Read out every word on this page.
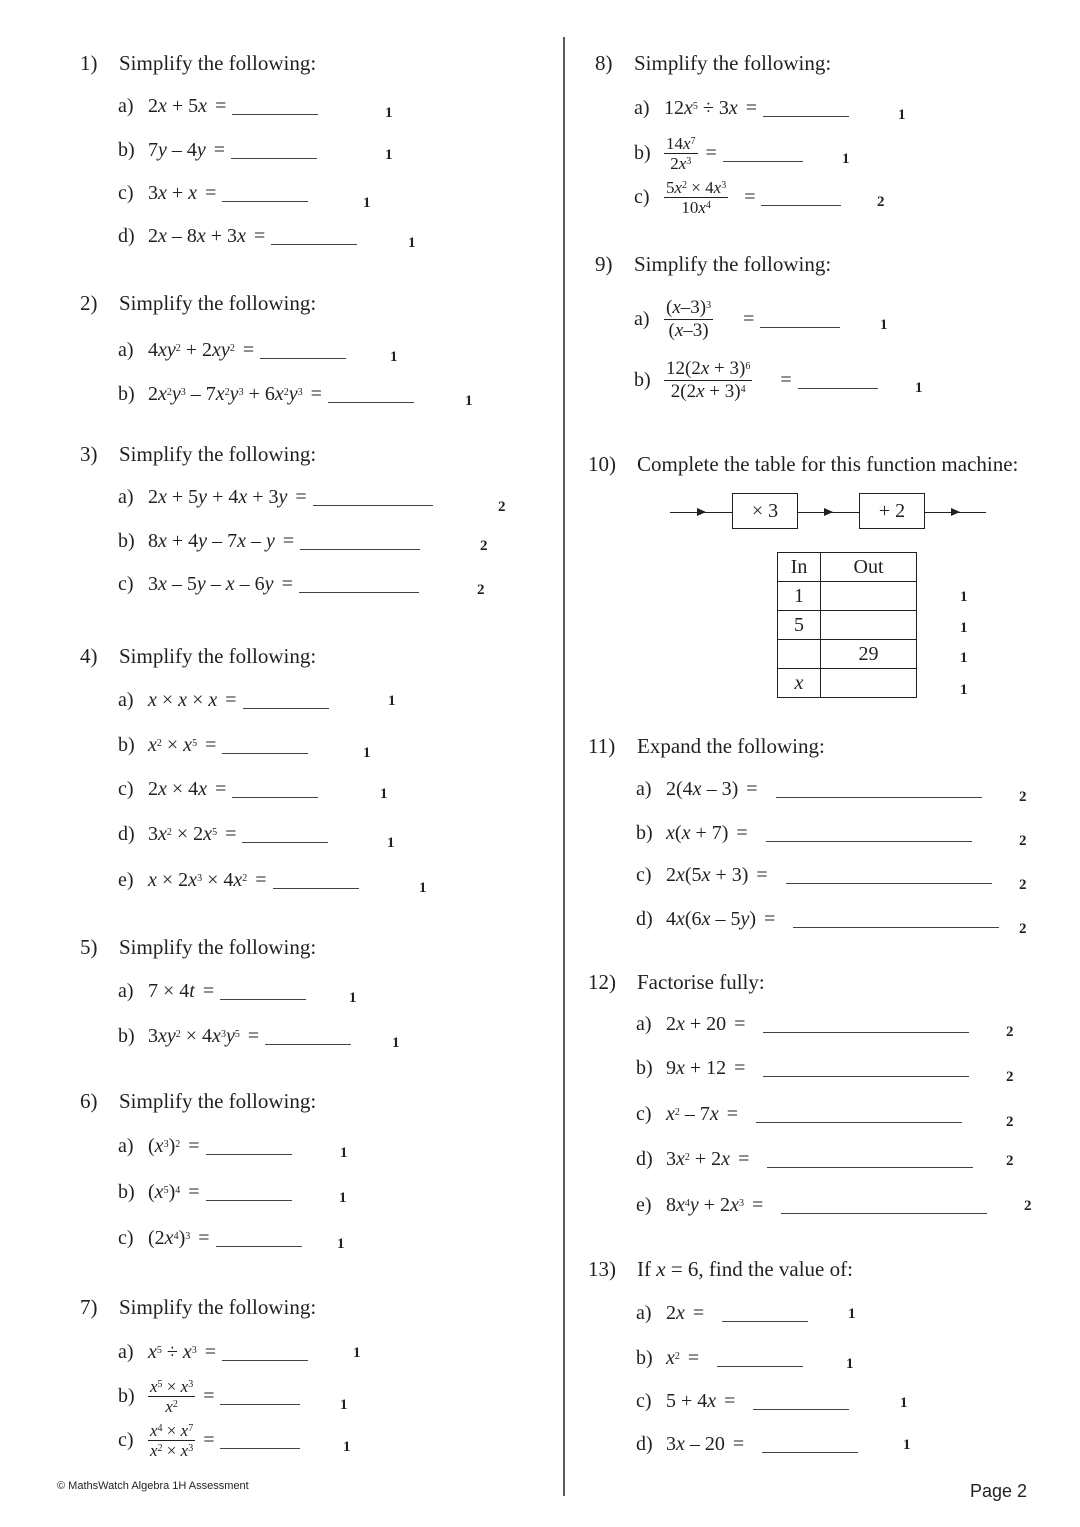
1) Simplify the following:
a) 2 x + 5 x =	1
b) 7 y – 4 y =	1
c) 3 x + x =	1
d) 2 x – 8 x + 3 x =	1
2) Simplify the following:
a) 4 $xy^2 + 2$ $xy^2$ =	1
b) 2 $x^2$ $y^3 - 7$ $x^2$ $y^3 + 6$ $x^2$ $y^3$ =	1
3) Simplify the following:
a) 2 x + 5 y + 4 x + 3 y =	2
b) 8 x + 4 y – 7 x – y =	2
c) 3 x – 5 y – x – 6 y =	2
4) Simplify the following:
a) x × x × x =	1
b) $x^2 \times x^5$ =	1
c) 2 x × 4 x =	1
d) 3 $x^2 \times 2$ $x^5$ =	1
e) x × 2 $x^3 \times 4$ $x^2$ =	1
5) Simplify the following:
a) 7 × 4 t =	1
b) 3 $xy^2 \times 4$ $x^3$ $y^5$ =	1
6) Simplify the following:
a) ( $x^3$ )$^2$ =	1
b) ( $x^5$ )$^4$ =	1
c) (2 $x^4$ )$^3$ =	1
7) Simplify the following:
a) $x^5 \div x^3$ =	1
$b) \frac{x^5 \times x^3}{x^2}$ =	1
$c) \frac{x^4 \times x^7}{x^2 \times x^3}$ =	1
© MathsWatch Algebra 1H Assessment
8) Simplify the following:
a) 12 $x^5 \div 3$ x =	1
$b) \frac{14x^7}{2x^3}$ =	1
$c) \frac{5x^2 \times 4x^3}{10x^4}$ =	2
9) Simplify the following:
$a) \frac{(x-3)^3}{(x-3)}$ =	1
$b) \frac{12(2x + 3)^6}{2(2x + 3)^4}$ =	1
10) Complete the table for this function machine:
× 3	+ 2
In	Out
1	
5	
	29
x	
1
1
1
1
11) Expand the following:
a) 2(4 x – 3) =	2
b) x ( x + 7) =	2
c) 2 x (5 x + 3) =	2
d) 4 x (6 x – 5 y ) =	2
12) Factorise fully:
a) 2 x + 20 =	2
b) 9 x + 12 =	2
c) $x^2 - 7$ x =	2
d) 3 $x^2 + 2$ x =	2
e) 8 $x^4$ y + 2 $x^3$ =	2
13) If x = 6, find the value of:
a) 2 x =	1
b) $x^2$ =	1
c) 5 + 4 x =	1
d) 3 x – 20 =	1
Page 2
